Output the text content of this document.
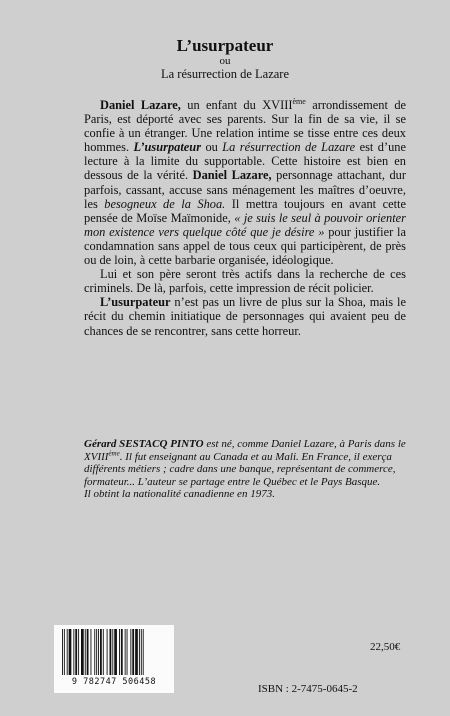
L’usurpateur
ou
La résurrection de Lazare

Daniel Lazare, un enfant du XVIIIème arrondissement de Paris, est déporté avec ses parents. Sur la fin de sa vie, il se confie à un étranger. Une relation intime se tisse entre ces deux hommes. L’usurpateur ou La résurrection de Lazare est d’une lecture à la limite du supportable. Cette histoire est bien en dessous de la vérité. Daniel Lazare, personnage attachant, dur parfois, cassant, accuse sans ménagement les maîtres d’oeuvre, les besogneux de la Shoa. Il mettra toujours en avant cette pensée de Moïse Maïmonide, « je suis le seul à pouvoir orienter mon existence vers quelque côté que je désire » pour justifier la condamnation sans appel de tous ceux qui participèrent, de près ou de loin, à cette barbarie organisée, idéologique.

Lui et son père seront très actifs dans la recherche de ces criminels. De là, parfois, cette impression de récit policier.

L’usurpateur n’est pas un livre de plus sur la Shoa, mais le récit du chemin initiatique de personnages qui avaient peu de chances de se rencontrer, sans cette horreur.

Gérard SESTACQ PINTO est né, comme Daniel Lazare, à Paris dans le XVIIIème. Il fut enseignant au Canada et au Mali. En France, il exerça différents métiers ; cadre dans une banque, représentant de commerce, formateur... L’auteur se partage entre le Québec et le Pays Basque.

Il obtint la nationalité canadienne en 1973.

22,50€
9 782747 506458
ISBN : 2-7475-0645-2
